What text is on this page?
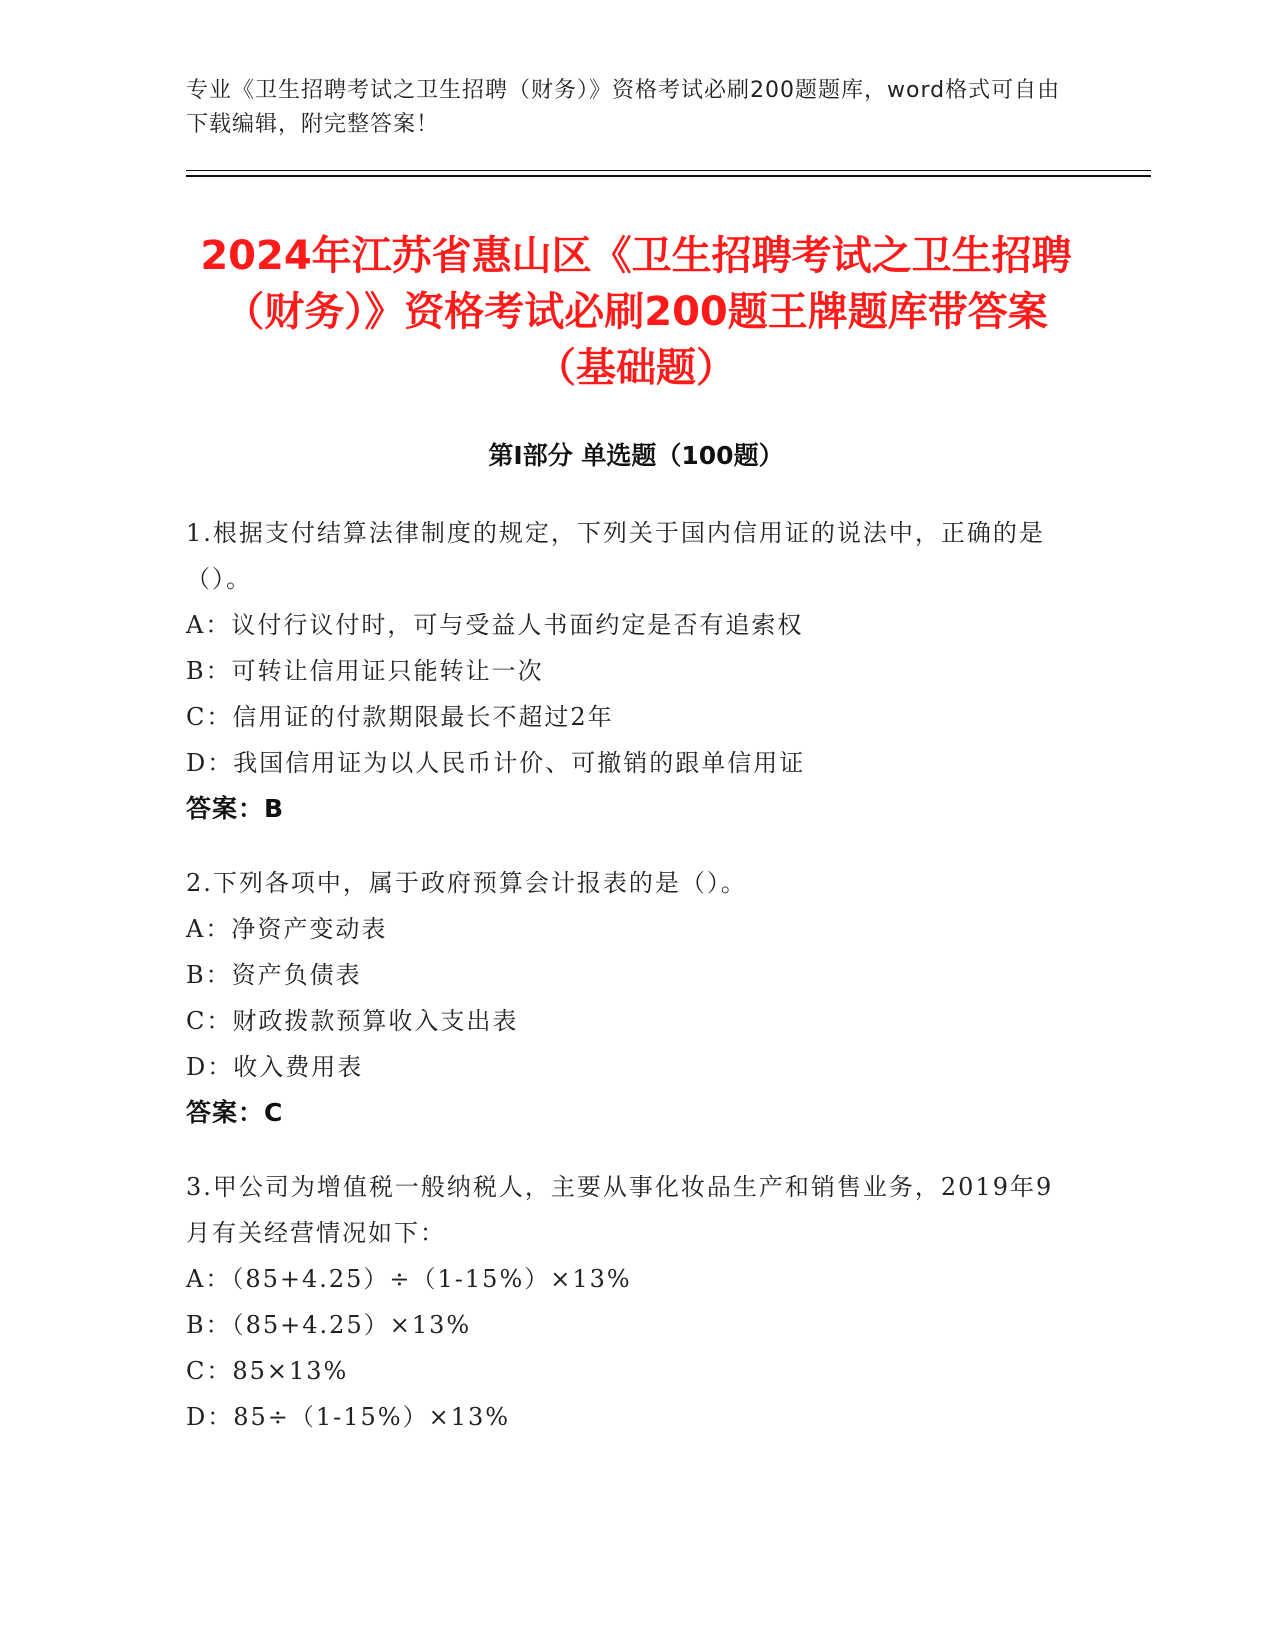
专业《卫生招聘考试之卫生招聘（财务）》资格考试必刷200题题库，word格式可自由下载编辑，附完整答案！
2024年江苏省惠山区《卫生招聘考试之卫生招聘（财务）》资格考试必刷200题王牌题库带答案（基础题）
第Ⅰ部分 单选题（100题）
1.根据支付结算法律制度的规定，下列关于国内信用证的说法中，正确的是（）。
A：议付行议付时，可与受益人书面约定是否有追索权
B：可转让信用证只能转让一次
C：信用证的付款期限最长不超过2年
D：我国信用证为以人民币计价、可撤销的跟单信用证
答案：B
2.下列各项中，属于政府预算会计报表的是（）。
A：净资产变动表
B：资产负债表
C：财政拨款预算收入支出表
D：收入费用表
答案：C
3.甲公司为增值税一般纳税人，主要从事化妆品生产和销售业务，2019年9月有关经营情况如下：
A：（85+4.25）÷（1-15%）×13%
B：（85+4.25）×13%
C：85×13%
D：85÷（1-15%）×13%
